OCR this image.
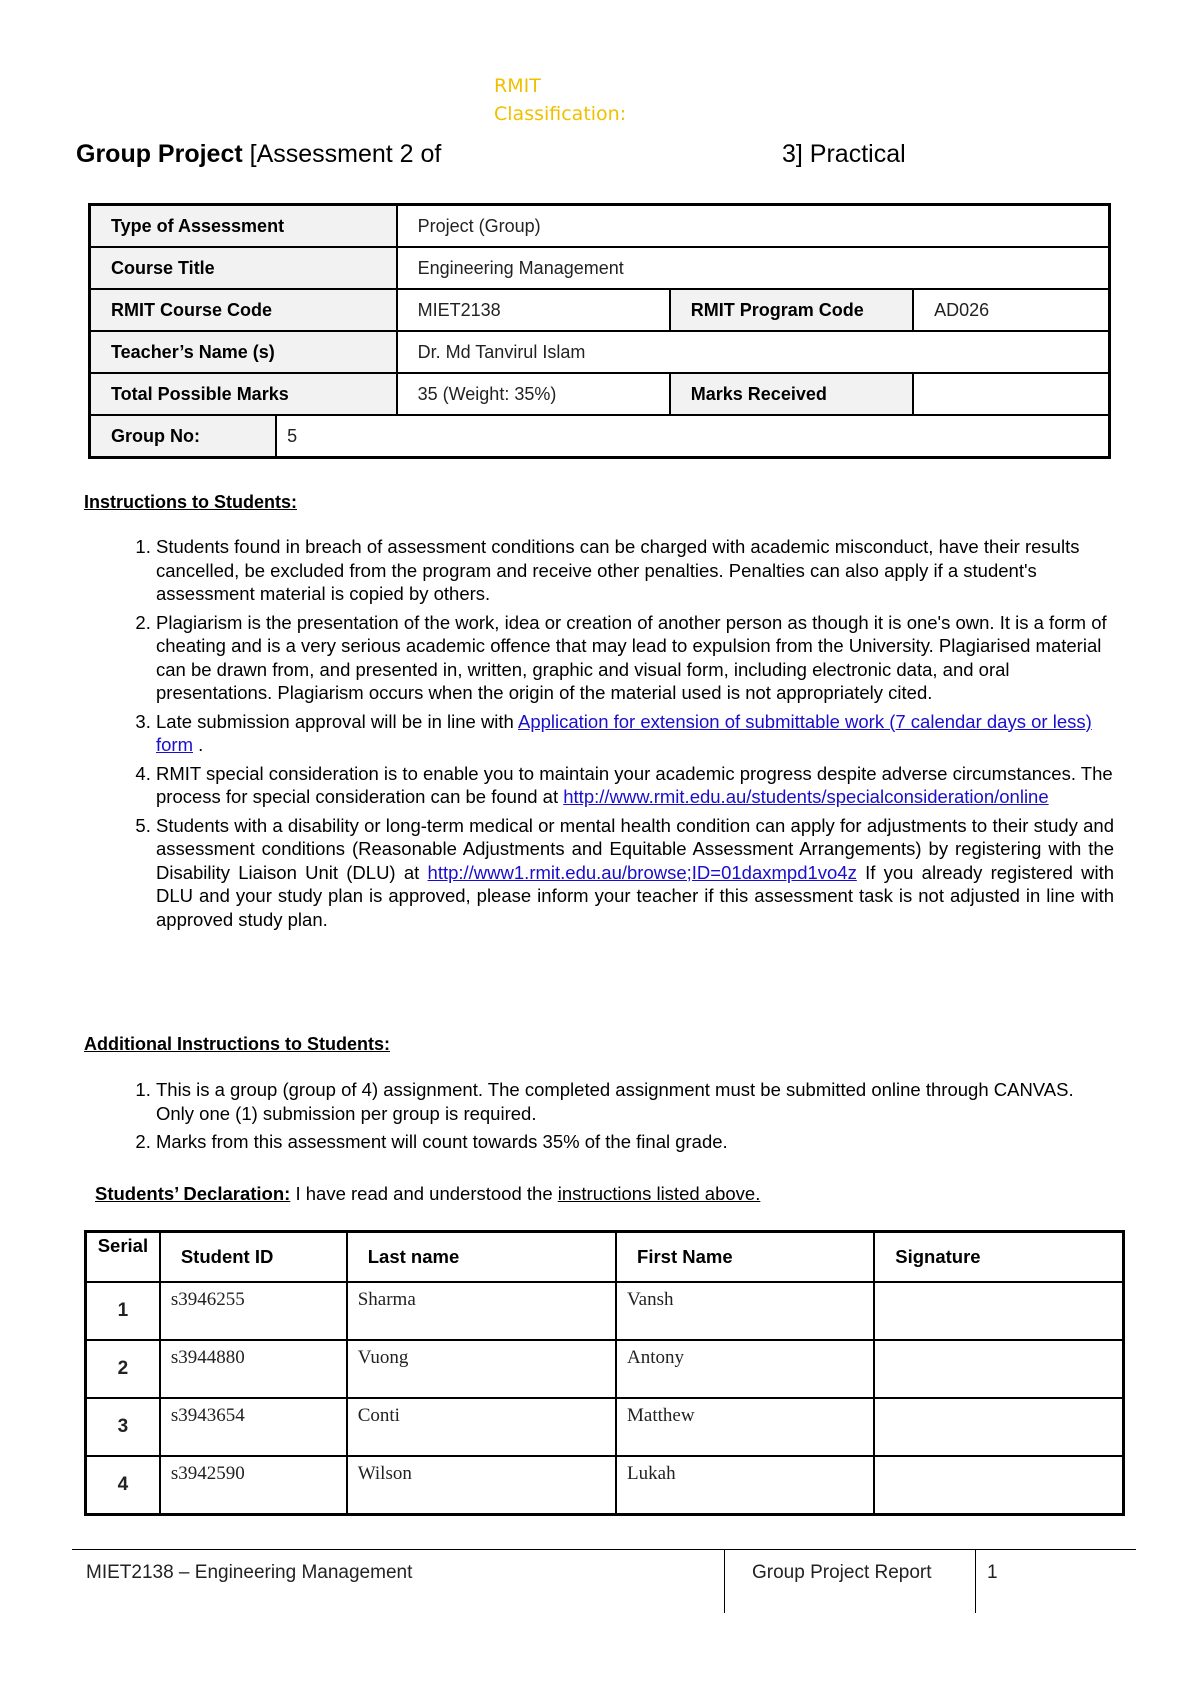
RMIT Classification:
Group Project [Assessment 2 of	3] Practical
Type of Assessment		Project (Group)		
Course Title		Engineering Management		
RMIT Course Code		MIET2138	RMIT Program Code	AD026
Teacher’s Name (s)		Dr. Md Tanvirul Islam		
Total Possible Marks		35 (Weight: 35%)	Marks Received	
Group No:	5			
Instructions to Students:
1. Students found in breach of assessment conditions can be charged with academic misconduct, have their results cancelled, be excluded from the program and receive other penalties. Penalties can also apply if a student's assessment material is copied by others.
2. Plagiarism is the presentation of the work, idea or creation of another person as though it is one's own. It is a form of cheating and is a very serious academic offence that may lead to expulsion from the University. Plagiarised material can be drawn from, and presented in, written, graphic and visual form, including electronic data, and oral presentations. Plagiarism occurs when the origin of the material used is not appropriately cited.
3. Late submission approval will be in line with Application for extension of submittable work (7 calendar days or less) form .
4. RMIT special consideration is to enable you to maintain your academic progress despite adverse circumstances. The process for special consideration can be found at http://www.rmit.edu.au/students/specialconsideration/online
5. Students with a disability or long-term medical or mental health condition can apply for adjustments to their study and assessment conditions (Reasonable Adjustments and Equitable Assessment Arrangements) by registering with the Disability Liaison Unit (DLU) at http://www1.rmit.edu.au/browse;ID=01daxmpd1vo4z If you already registered with DLU and your study plan is approved, please inform your teacher if this assessment task is not adjusted in line with approved study plan.
Additional Instructions to Students:
1. This is a group (group of 4) assignment. The completed assignment must be submitted online through CANVAS. Only one (1) submission per group is required.
2. Marks from this assessment will count towards 35% of the final grade.
Students’ Declaration: I have read and understood the instructions listed above.
Serial	Student ID	Last name	First Name	Signature
1	s3946255	Sharma	Vansh	
2	s3944880	Vuong	Antony	
3	s3943654	Conti	Matthew	
4	s3942590	Wilson	Lukah	
MIET2138 – Engineering Management	Group Project Report	1
